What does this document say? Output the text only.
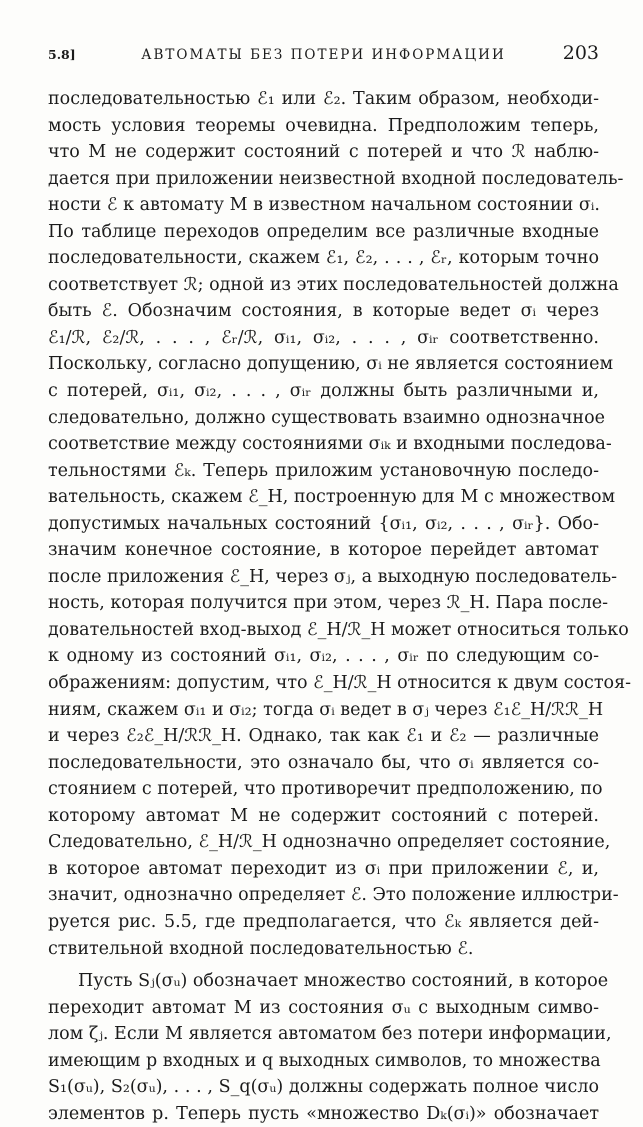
5.8]	АВТОМАТЫ БЕЗ ПОТЕРИ ИНФОРМАЦИИ	203
последовательностью ℰ₁ или ℰ₂. Таким образом, необходи-
мость условия теоремы очевидна. Предположим теперь,
что M не содержит состояний с потерей и что ℛ наблю-
дается при приложении неизвестной входной последователь-
ности ℰ к автомату M в известном начальном состоянии σᵢ.
По таблице переходов определим все различные входные
последовательности, скажем ℰ₁, ℰ₂, . . . , ℰᵣ, которым точно
соответствует ℛ; одной из этих последовательностей должна
быть ℰ. Обозначим состояния, в которые ведет σᵢ через
ℰ₁/ℛ, ℰ₂/ℛ, . . . , ℰᵣ/ℛ, σᵢ₁, σᵢ₂, . . . , σᵢᵣ соответственно.
Поскольку, согласно допущению, σᵢ не является состоянием
с потерей, σᵢ₁, σᵢ₂, . . . , σᵢᵣ должны быть различными и,
следовательно, должно существовать взаимно однозначное
соответствие между состояниями σᵢₖ и входными последова-
тельностями ℰₖ. Теперь приложим установочную последо-
вательность, скажем ℰ_H, построенную для M с множеством
допустимых начальных состояний {σᵢ₁, σᵢ₂, . . . , σᵢᵣ}. Обо-
значим конечное состояние, в которое перейдет автомат
после приложения ℰ_H, через σⱼ, а выходную последователь-
ность, которая получится при этом, через ℛ_H. Пара после-
довательностей вход-выход ℰ_H/ℛ_H может относиться только
к одному из состояний σᵢ₁, σᵢ₂, . . . , σᵢᵣ по следующим со-
ображениям: допустим, что ℰ_H/ℛ_H относится к двум состоя-
ниям, скажем σᵢ₁ и σᵢ₂; тогда σᵢ ведет в σⱼ через ℰ₁ℰ_H/ℛℛ_H
и через ℰ₂ℰ_H/ℛℛ_H. Однако, так как ℰ₁ и ℰ₂ — различные
последовательности, это означало бы, что σᵢ является со-
стоянием с потерей, что противоречит предположению, по
которому автомат M не содержит состояний с потерей.
Следовательно, ℰ_H/ℛ_H однозначно определяет состояние,
в которое автомат переходит из σᵢ при приложении ℰ, и,
значит, однозначно определяет ℰ. Это положение иллюстри-
руется рис. 5.5, где предполагается, что ℰₖ является дей-
ствительной входной последовательностью ℰ.
Пусть Sⱼ(σᵤ) обозначает множество состояний, в которое
переходит автомат M из состояния σᵤ с выходным симво-
лом ζⱼ. Если M является автоматом без потери информации,
имеющим p входных и q выходных символов, то множества
S₁(σᵤ), S₂(σᵤ), . . . , S_q(σᵤ) должны содержать полное число
элементов p. Теперь пусть «множество Dₖ(σᵢ)» обозначает
